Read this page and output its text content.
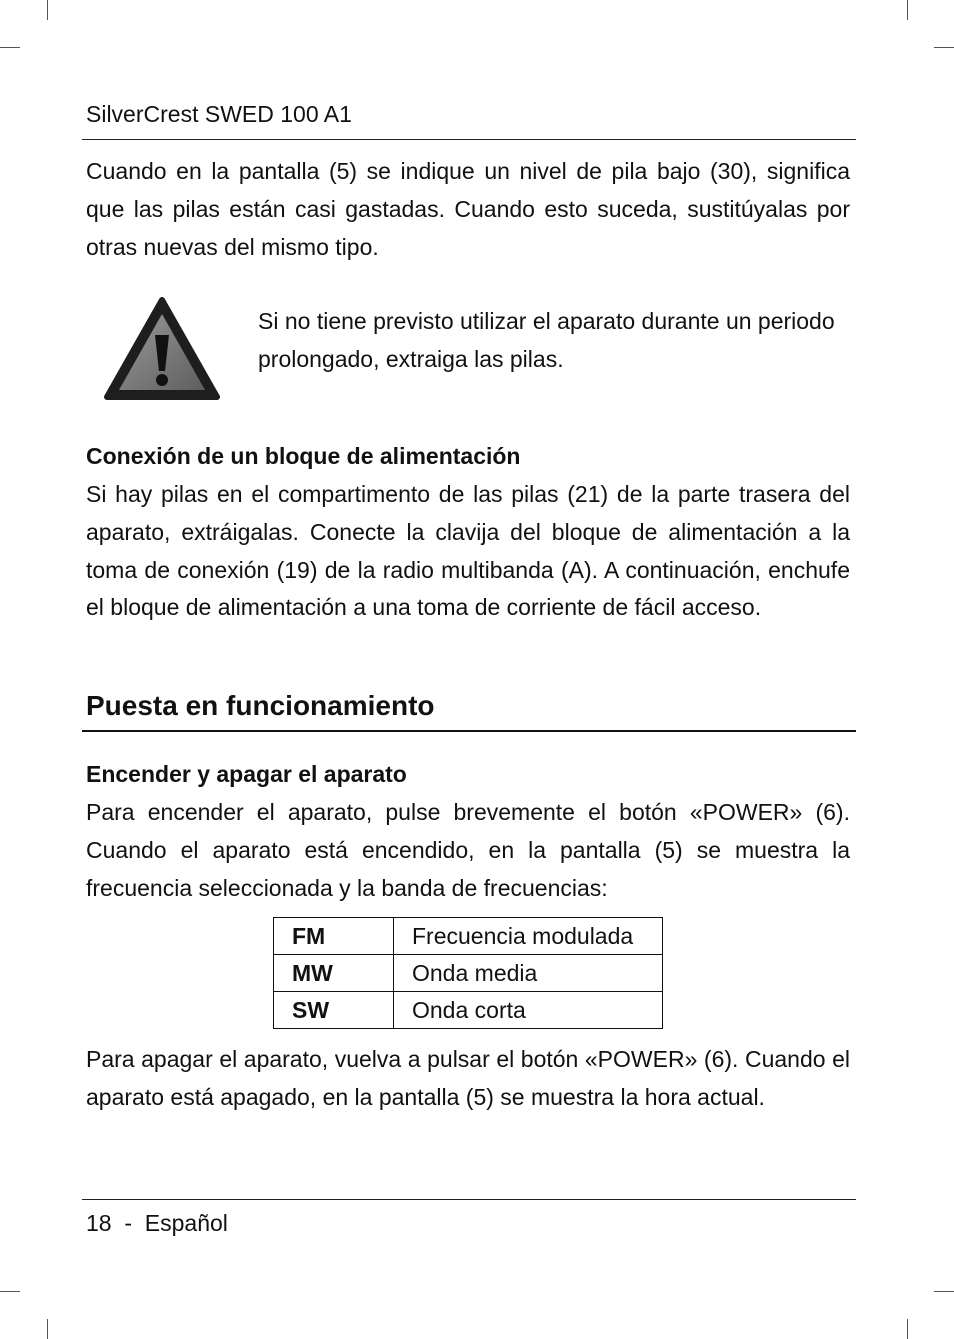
SilverCrest SWED 100 A1

Cuando en la pantalla (5) se indique un nivel de pila bajo (30), significa que las pilas están casi gastadas. Cuando esto suceda, sustitúyalas por otras nuevas del mismo tipo.

Si no tiene previsto utilizar el aparato durante un periodo prolongado, extraiga las pilas.

Conexión de un bloque de alimentación

Si hay pilas en el compartimento de las pilas (21) de la parte trasera del aparato, extráigalas. Conecte la clavija del bloque de alimentación a la toma de conexión (19) de la radio multibanda (A). A continuación, enchufe el bloque de alimentación a una toma de corriente de fácil acceso.

Puesta en funcionamiento
Encender y apagar el aparato

Para encender el aparato, pulse brevemente el botón «POWER» (6). Cuando el aparato está encendido, en la pantalla (5) se muestra la frecuencia seleccionada y la banda de frecuencias:

FM	Frecuencia modulada
MW	Onda media
SW	Onda corta

Para apagar el aparato, vuelva a pulsar el botón «POWER» (6). Cuando el aparato está apagado, en la pantalla (5) se muestra la hora actual.

18  -  Español
